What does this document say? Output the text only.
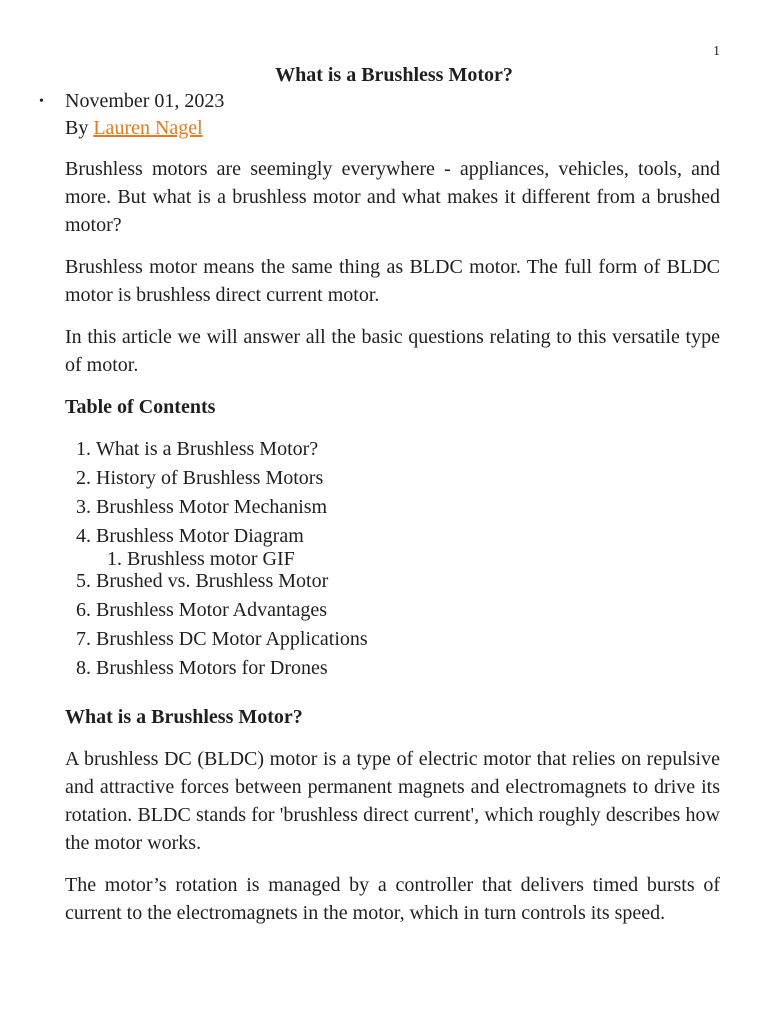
1
What is a Brushless Motor?
• November 01, 2023
By Lauren Nagel

Brushless motors are seemingly everywhere - appliances, vehicles, tools, and more. But what is a brushless motor and what makes it different from a brushed motor?

Brushless motor means the same thing as BLDC motor. The full form of BLDC motor is brushless direct current motor.

In this article we will answer all the basic questions relating to this versatile type of motor.

Table of Contents
1. What is a Brushless Motor?
2. History of Brushless Motors
3. Brushless Motor Mechanism
4. Brushless Motor Diagram
1. Brushless motor GIF
5. Brushed vs. Brushless Motor
6. Brushless Motor Advantages
7. Brushless DC Motor Applications
8. Brushless Motors for Drones
What is a Brushless Motor?

A brushless DC (BLDC) motor is a type of electric motor that relies on repulsive and attractive forces between permanent magnets and electromagnets to drive its rotation. BLDC stands for 'brushless direct current', which roughly describes how the motor works.

The motor’s rotation is managed by a controller that delivers timed bursts of current to the electromagnets in the motor, which in turn controls its speed.
